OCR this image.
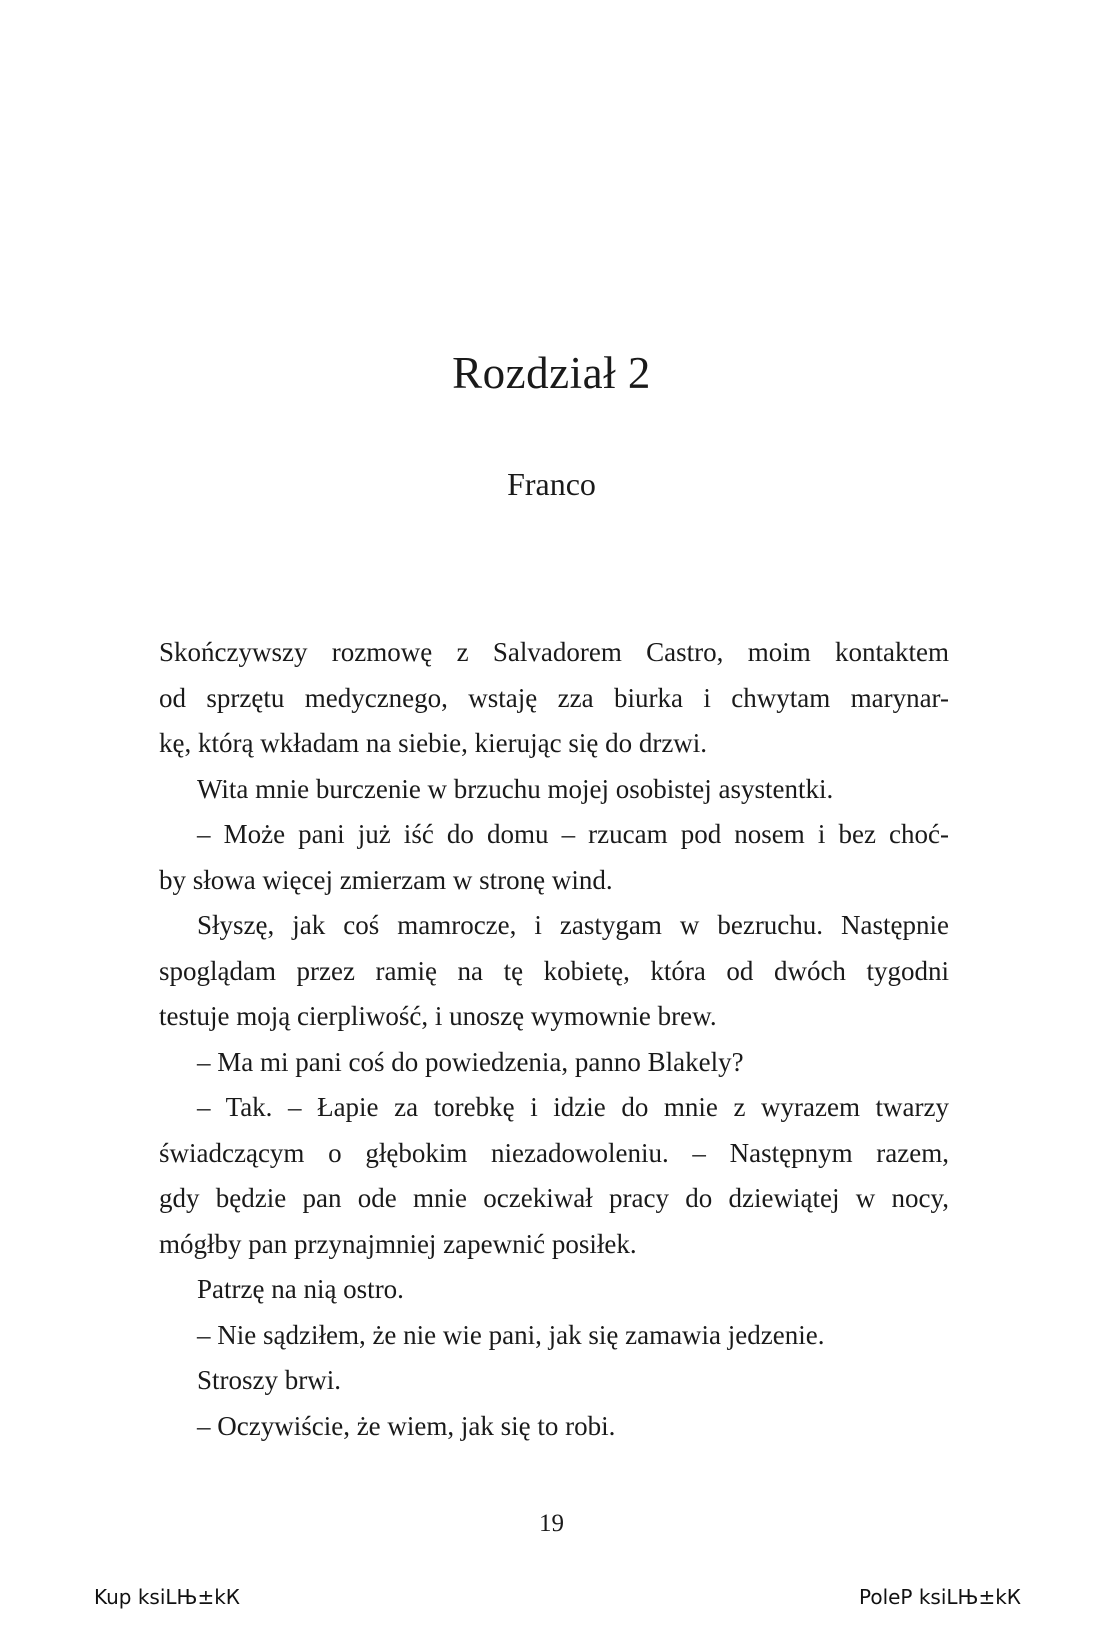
Rozdział 2
Franco
Skończywszy rozmowę z Salvadorem Castro, moim kontaktem
od sprzętu medycznego, wstaję zza biurka i chwytam marynar-
kę, którą wkładam na siebie, kierując się do drzwi.
Wita mnie burczenie w brzuchu mojej osobistej asystentki.
– Może pani już iść do domu – rzucam pod nosem i bez choć-
by słowa więcej zmierzam w stronę wind.
Słyszę, jak coś mamrocze, i zastygam w bezruchu. Następnie
spoglądam przez ramię na tę kobietę, która od dwóch tygodni
testuje moją cierpliwość, i unoszę wymownie brew.
– Ma mi pani coś do powiedzenia, panno Blakely?
– Tak. – Łapie za torebkę i idzie do mnie z wyrazem twarzy
świadczącym o głębokim niezadowoleniu. – Następnym razem,
gdy będzie pan ode mnie oczekiwał pracy do dziewiątej w nocy,
mógłby pan przynajmniej zapewnić posiłek.
Patrzę na nią ostro.
– Nie sądziłem, że nie wie pani, jak się zamawia jedzenie.
Stroszy brwi.
– Oczywiście, że wiem, jak się to robi.
19
Kup ksiLЊ±kК	PoleР ksiLЊ±kК
